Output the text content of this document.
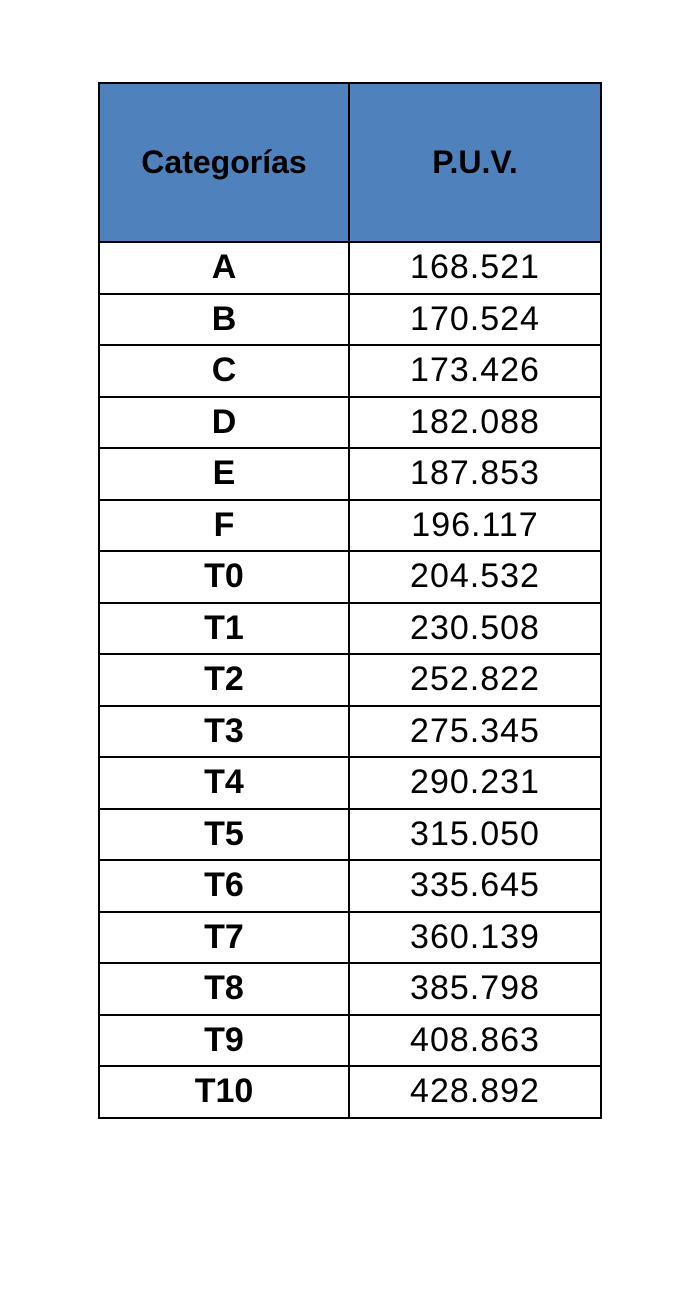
Categorías	P.U.V.
A	168.521
B	170.524
C	173.426
D	182.088
E	187.853
F	196.117
T0	204.532
T1	230.508
T2	252.822
T3	275.345
T4	290.231
T5	315.050
T6	335.645
T7	360.139
T8	385.798
T9	408.863
T10	428.892
